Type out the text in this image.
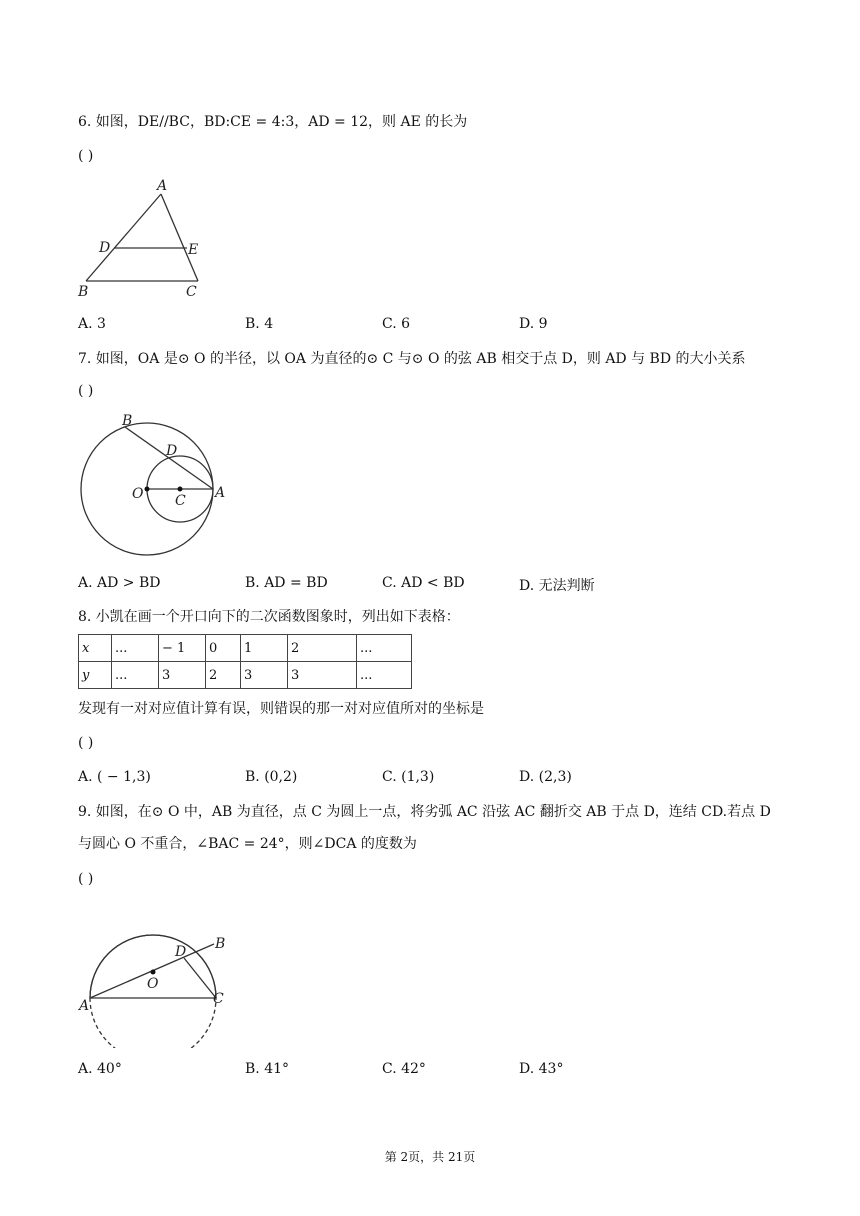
6. 如图，DE//BC，BD:CE = 4:3，AD = 12，则 AE 的长为
( )
A
D	E
B	C
A. 3	B. 4	C. 6	D. 9
7. 如图，OA 是⊙ O 的半径，以 OA 为直径的⊙ C 与⊙ O 的弦 AB 相交于点 D，则 AD 与 BD 的大小关系
( )
B
D
O C A
A. AD > BD	B. AD = BD	C. AD < BD	D. 无法判断
8. 小凯在画一个开口向下的二次函数图象时，列出如下表格：
x	...	− 1	0	1	2	...
y	...	3	2	3	3	...
发现有一对对应值计算有误，则错误的那一对对应值所对的坐标是
( )
A. ( − 1,3)	B. (0,2)	C. (1,3)	D. (2,3)
9. 如图，在⊙ O 中，AB 为直径，点 C 为圆上一点，将劣弧 AC 沿弦 AC 翻折交 AB 于点 D，连结 CD.若点 D
与圆心 O 不重合，∠BAC = 24°，则∠DCA 的度数为
( )
B
D
O
A	C
A. 40°	B. 41°	C. 42°	D. 43°
第 2页，共 21页
